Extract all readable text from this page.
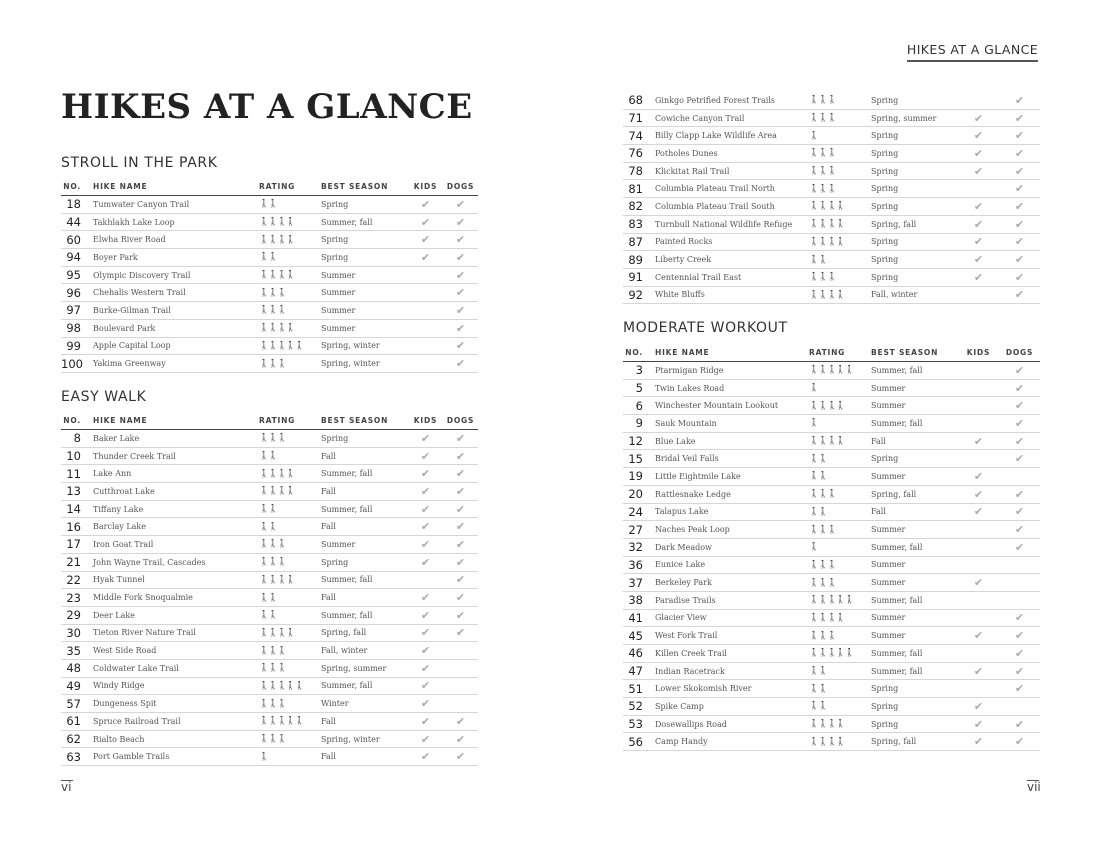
HIKES AT A GLANCE
STROLL IN THE PARK
NO.	HIKE NAME	RATING	BEST SEASON	KIDS	DOGS
18	Tumwater Canyon Trail	🚶🚶	Spring	✔	✔
44	Takhlakh Lake Loop	🚶🚶🚶🚶	Summer, fall	✔	✔
60	Elwha River Road	🚶🚶🚶🚶	Spring	✔	✔
94	Boyer Park	🚶🚶	Spring	✔	✔
95	Olympic Discovery Trail	🚶🚶🚶🚶	Summer		✔
96	Chehalis Western Trail	🚶🚶🚶	Summer		✔
97	Burke-Gilman Trail	🚶🚶🚶	Summer		✔
98	Boulevard Park	🚶🚶🚶🚶	Summer		✔
99	Apple Capital Loop	🚶🚶🚶🚶🚶	Spring, winter		✔
100	Yakima Greenway	🚶🚶🚶	Spring, winter		✔
EASY WALK
NO.	HIKE NAME	RATING	BEST SEASON	KIDS	DOGS
8	Baker Lake	🚶🚶🚶	Spring	✔	✔
10	Thunder Creek Trail	🚶🚶	Fall	✔	✔
11	Lake Ann	🚶🚶🚶🚶	Summer, fall	✔	✔
13	Cutthroat Lake	🚶🚶🚶🚶	Fall	✔	✔
14	Tiffany Lake	🚶🚶	Summer, fall	✔	✔
16	Barclay Lake	🚶🚶	Fall	✔	✔
17	Iron Goat Trail	🚶🚶🚶	Summer	✔	✔
21	John Wayne Trail, Cascades	🚶🚶🚶	Spring	✔	✔
22	Hyak Tunnel	🚶🚶🚶🚶	Summer, fall		✔
23	Middle Fork Snoqualmie	🚶🚶	Fall	✔	✔
29	Deer Lake	🚶🚶	Summer, fall	✔	✔
30	Tieton River Nature Trail	🚶🚶🚶🚶	Spring, fall	✔	✔
35	West Side Road	🚶🚶🚶	Fall, winter	✔	
48	Coldwater Lake Trail	🚶🚶🚶	Spring, summer	✔	
49	Windy Ridge	🚶🚶🚶🚶🚶	Summer, fall	✔	
57	Dungeness Spit	🚶🚶🚶	Winter	✔	
61	Spruce Railroad Trail	🚶🚶🚶🚶🚶	Fall	✔	✔
62	Rialto Beach	🚶🚶🚶	Spring, winter	✔	✔
63	Port Gamble Trails	🚶	Fall	✔	✔
vi
HIKES AT A GLANCE
68	Ginkgo Petrified Forest Trails	🚶🚶🚶	Spring		✔
71	Cowiche Canyon Trail	🚶🚶🚶	Spring, summer	✔	✔
74	Billy Clapp Lake Wildlife Area	🚶	Spring	✔	✔
76	Potholes Dunes	🚶🚶🚶	Spring	✔	✔
78	Klickitat Rail Trail	🚶🚶🚶	Spring	✔	✔
81	Columbia Plateau Trail North	🚶🚶🚶	Spring		✔
82	Columbia Plateau Trail South	🚶🚶🚶🚶	Spring	✔	✔
83	Turnbull National Wildlife Refuge	🚶🚶🚶🚶	Spring, fall	✔	✔
87	Painted Rocks	🚶🚶🚶🚶	Spring	✔	✔
89	Liberty Creek	🚶🚶	Spring	✔	✔
91	Centennial Trail East	🚶🚶🚶	Spring	✔	✔
92	White Bluffs	🚶🚶🚶🚶	Fall, winter		✔
MODERATE WORKOUT
NO.	HIKE NAME	RATING	BEST SEASON	KIDS	DOGS
3	Ptarmigan Ridge	🚶🚶🚶🚶🚶	Summer, fall		✔
5	Twin Lakes Road	🚶	Summer		✔
6	Winchester Mountain Lookout	🚶🚶🚶🚶	Summer		✔
9	Sauk Mountain	🚶	Summer, fall		✔
12	Blue Lake	🚶🚶🚶🚶	Fall	✔	✔
15	Bridal Veil Falls	🚶🚶	Spring		✔
19	Little Eightmile Lake	🚶🚶	Summer	✔	
20	Rattlesnake Ledge	🚶🚶🚶	Spring, fall	✔	✔
24	Talapus Lake	🚶🚶	Fall	✔	✔
27	Naches Peak Loop	🚶🚶🚶	Summer		✔
32	Dark Meadow	🚶	Summer, fall		✔
36	Eunice Lake	🚶🚶🚶	Summer		
37	Berkeley Park	🚶🚶🚶	Summer	✔	
38	Paradise Trails	🚶🚶🚶🚶🚶	Summer, fall		
41	Glacier View	🚶🚶🚶🚶	Summer		✔
45	West Fork Trail	🚶🚶🚶	Summer	✔	✔
46	Killen Creek Trail	🚶🚶🚶🚶🚶	Summer, fall		✔
47	Indian Racetrack	🚶🚶	Summer, fall	✔	✔
51	Lower Skokomish River	🚶🚶	Spring		✔
52	Spike Camp	🚶🚶	Spring	✔	
53	Dosewallips Road	🚶🚶🚶🚶	Spring	✔	✔
56	Camp Handy	🚶🚶🚶🚶	Spring, fall	✔	✔
vii
